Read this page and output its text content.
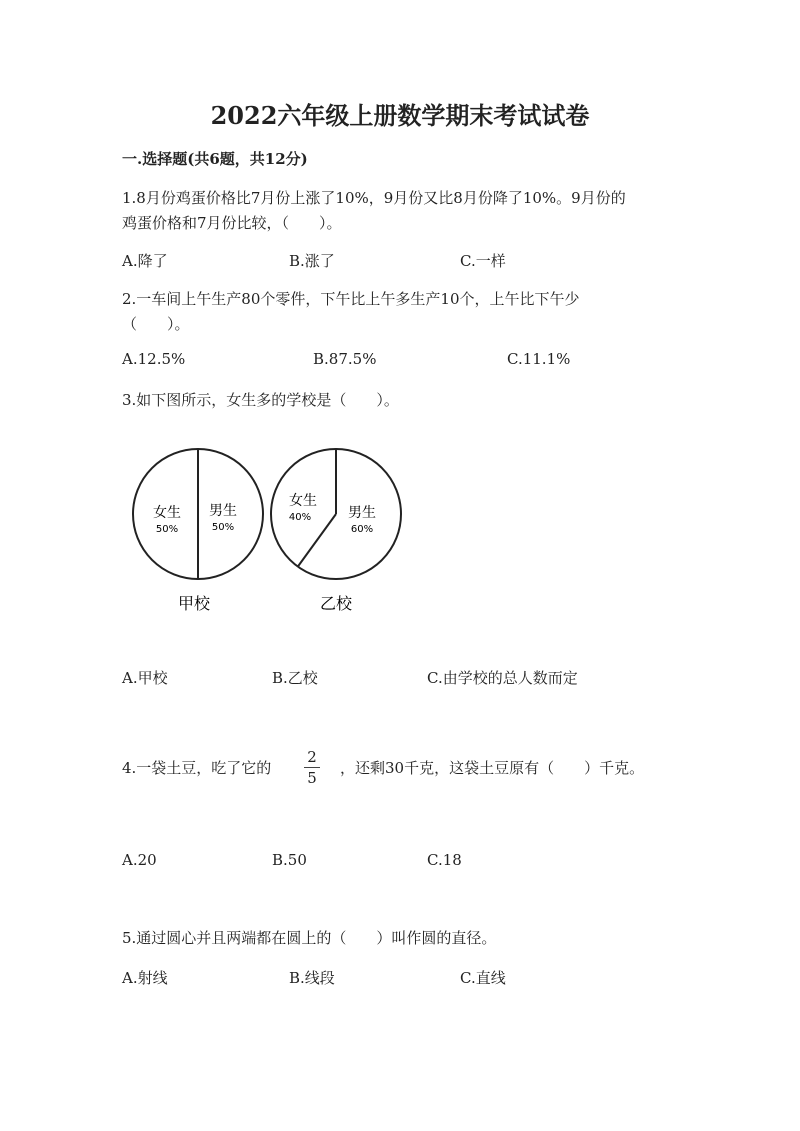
2022六年级上册数学期末考试试卷
一.选择题(共6题，共12分)
1.8月份鸡蛋价格比7月份上涨了10%，9月份又比8月份降了10%。9月份的
鸡蛋价格和7月份比较，（　　）。
A.降了	B.涨了	C.一样
2.一车间上午生产80个零件，下午比上午多生产10个，上午比下午少
（　　）。
A.12.5%	B.87.5%	C.11.1%
3.如下图所示，女生多的学校是（　　）。
女生
50%
男生
50%
甲校
女生
40%	男生
60%
乙校
A.甲校	B.乙校	C.由学校的总人数而定
4.一袋土豆，吃了它的
2
5
，还剩30千克，这袋土豆原有（　　）千克。
A.20	B.50	C.18
5.通过圆心并且两端都在圆上的（　　）叫作圆的直径。
A.射线	B.线段	C.直线
